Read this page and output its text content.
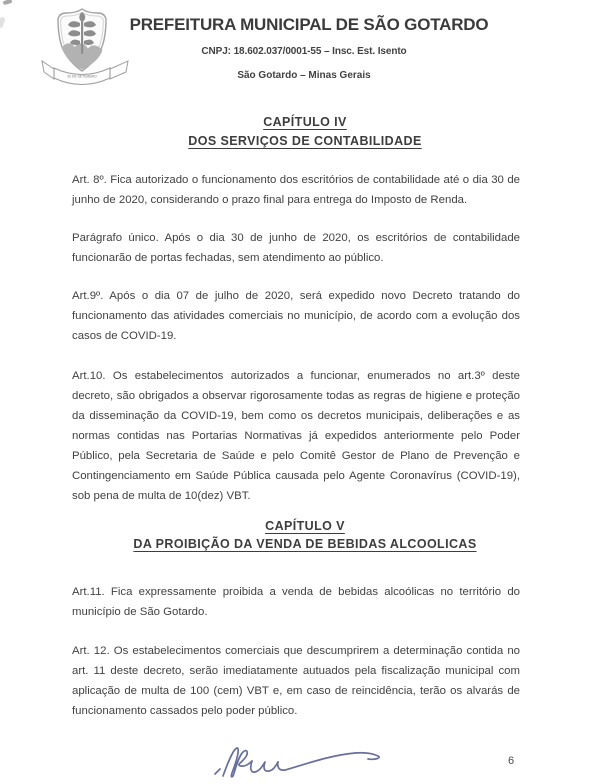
30 DE SETEMBRO
PREFEITURA MUNICIPAL DE SÃO GOTARDO
CNPJ: 18.602.037/0001-55 – Insc. Est. Isento
São Gotardo – Minas Gerais
CAPÍTULO IV
DOS SERVIÇOS DE CONTABILIDADE

Art. 8º. Fica autorizado o funcionamento dos escritórios de contabilidade até o dia 30 de junho de 2020, considerando o prazo final para entrega do Imposto de Renda.

Parágrafo único. Após o dia 30 de junho de 2020, os escritórios de contabilidade funcionarão de portas fechadas, sem atendimento ao público.

Art.9º. Após o dia 07 de julho de 2020, será expedido novo Decreto tratando do funcionamento das atividades comerciais no município, de acordo com a evolução dos casos de COVID-19.

Art.10. Os estabelecimentos autorizados a funcionar, enumerados no art.3º deste decreto, são obrigados a observar rigorosamente todas as regras de higiene e proteção da disseminação da COVID-19, bem como os decretos municipais, deliberações e as normas contidas nas Portarias Normativas já expedidos anteriormente pelo Poder Público, pela Secretaria de Saúde e pelo Comitê Gestor de Plano de Prevenção e Contingenciamento em Saúde Pública causada pelo Agente Coronavírus (COVID-19), sob pena de multa de 10(dez) VBT.

CAPÍTULO V
DA PROIBIÇÃO DA VENDA DE BEBIDAS ALCOOLICAS

Art.11. Fica expressamente proibida a venda de bebidas alcoólicas no território do município de São Gotardo.

Art. 12. Os estabelecimentos comerciais que descumprirem a determinação contida no art. 11 deste decreto, serão imediatamente autuados pela fiscalização municipal com aplicação de multa de 100 (cem) VBT e, em caso de reincidência, terão os alvarás de funcionamento cassados pelo poder público.

6
